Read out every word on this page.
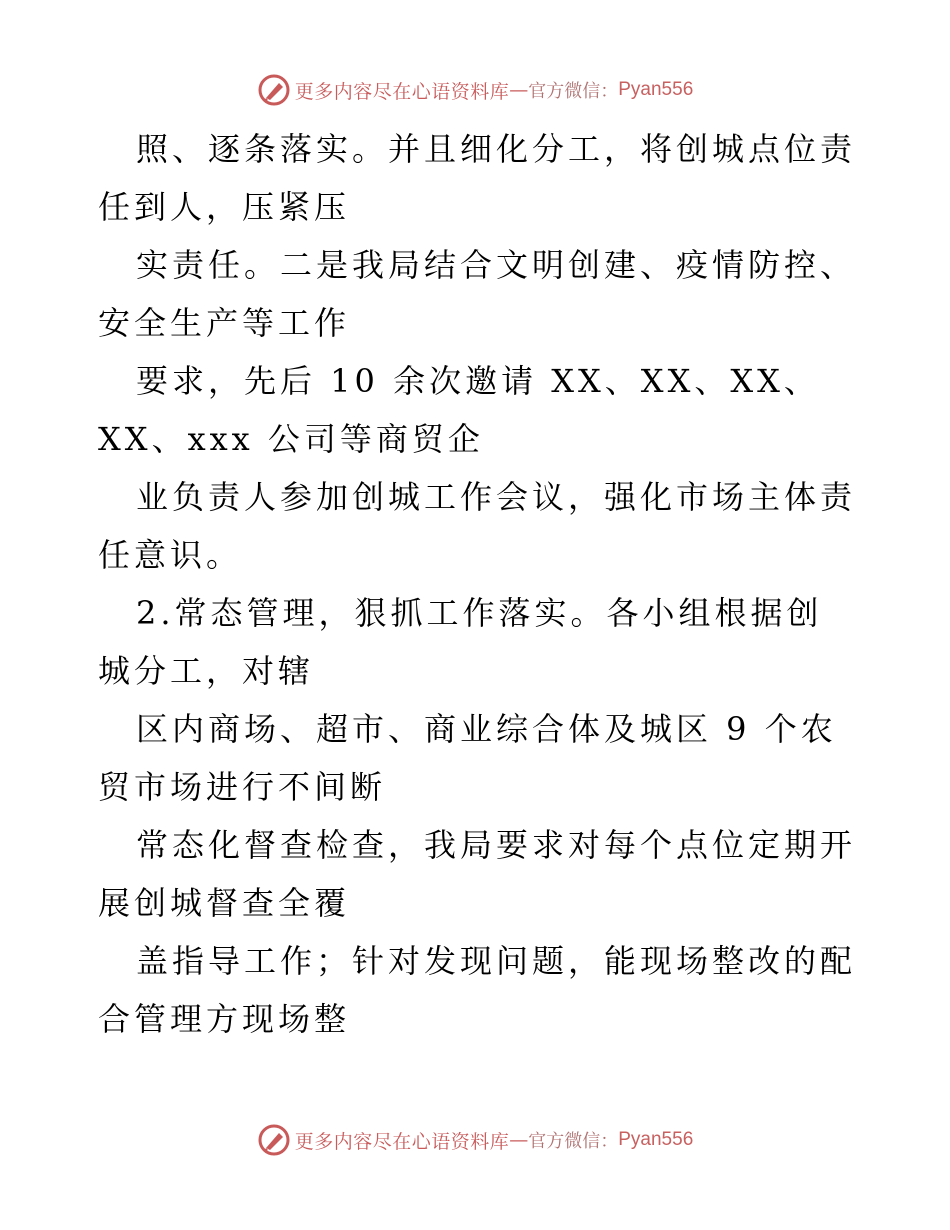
更多内容尽在心语资料库 — 官方微信： Pyan556

照、逐条落实。并且细化分工，将创城点位责任到人，压紧压

实责任。二是我局结合文明创建、疫情防控、安全生产等工作

要求，先后 10 余次邀请 XX、XX、XX、XX、xxx 公司等商贸企

业负责人参加创城工作会议，强化市场主体责任意识。

2.常态管理，狠抓工作落实。各小组根据创城分工，对辖

区内商场、超市、商业综合体及城区 9 个农贸市场进行不间断

常态化督查检查，我局要求对每个点位定期开展创城督查全覆

盖指导工作；针对发现问题，能现场整改的配合管理方现场整

更多内容尽在心语资料库 — 官方微信： Pyan556
